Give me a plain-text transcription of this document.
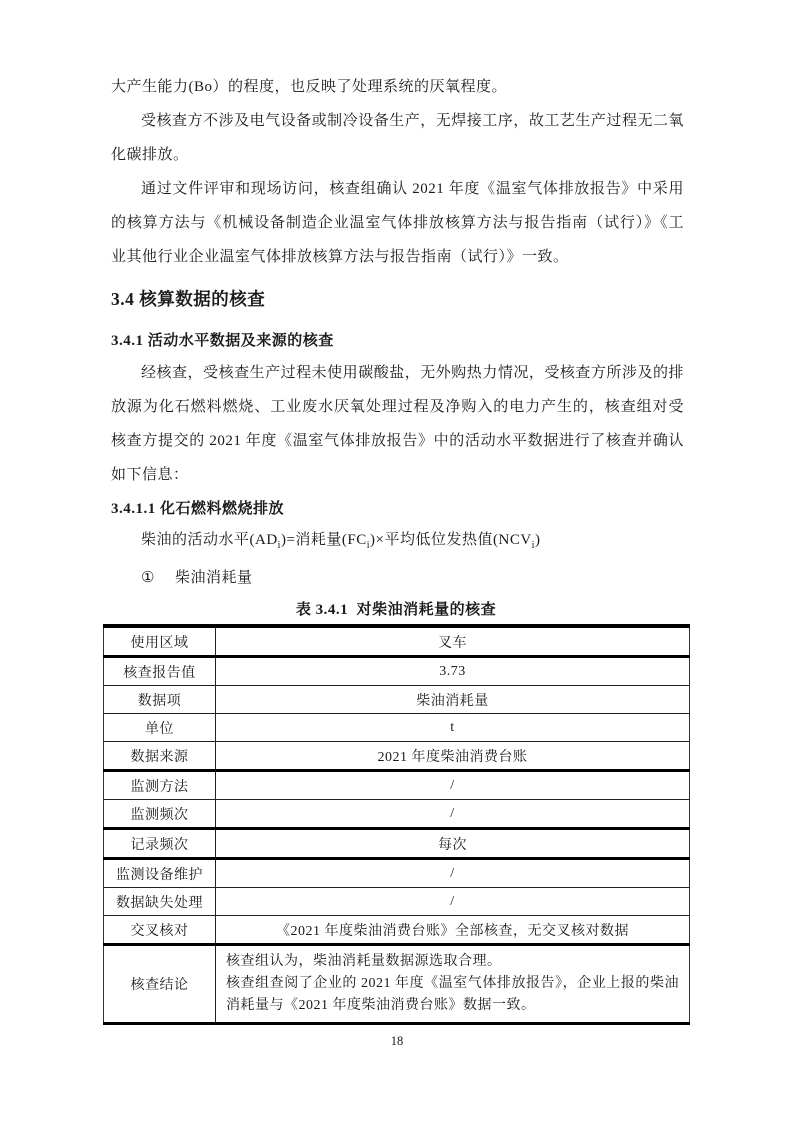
大产生能力(Bo）的程度，也反映了处理系统的厌氧程度。

受核查方不涉及电气设备或制冷设备生产，无焊接工序，故工艺生产过程无二氧化碳排放。

通过文件评审和现场访问，核查组确认 2021 年度《温室气体排放报告》中采用的核算方法与《机械设备制造企业温室气体排放核算方法与报告指南（试行）》《工业其他行业企业温室气体排放核算方法与报告指南（试行）》一致。

3.4 核算数据的核查
3.4.1 活动水平数据及来源的核查

经核查，受核查生产过程未使用碳酸盐，无外购热力情况，受核查方所涉及的排放源为化石燃料燃烧、工业废水厌氧处理过程及净购入的电力产生的，核查组对受核查方提交的 2021 年度《温室气体排放报告》中的活动水平数据进行了核查并确认如下信息：

3.4.1.1 化石燃料燃烧排放

柴油的活动水平$(AD_i)=$消耗量$(FC_i)\times$平均低位发热值$(NCV_i)$

① 柴油消耗量

表 3.4.1  对柴油消耗量的核查
使用区域	叉车
核查报告值	3.73
数据项	柴油消耗量
单位	t
数据来源	2021 年度柴油消费台账
监测方法	/
监测频次	/
记录频次	每次
监测设备维护	/
数据缺失处理	/
交叉核对	《2021 年度柴油消费台账》全部核查，无交叉核对数据
核查结论	核查组认为，柴油消耗量数据源选取合理。

核查组查阅了企业的 2021 年度《温室气体排放报告》，企业上报的柴油消耗量与《2021 年度柴油消费台账》数据一致。

18
